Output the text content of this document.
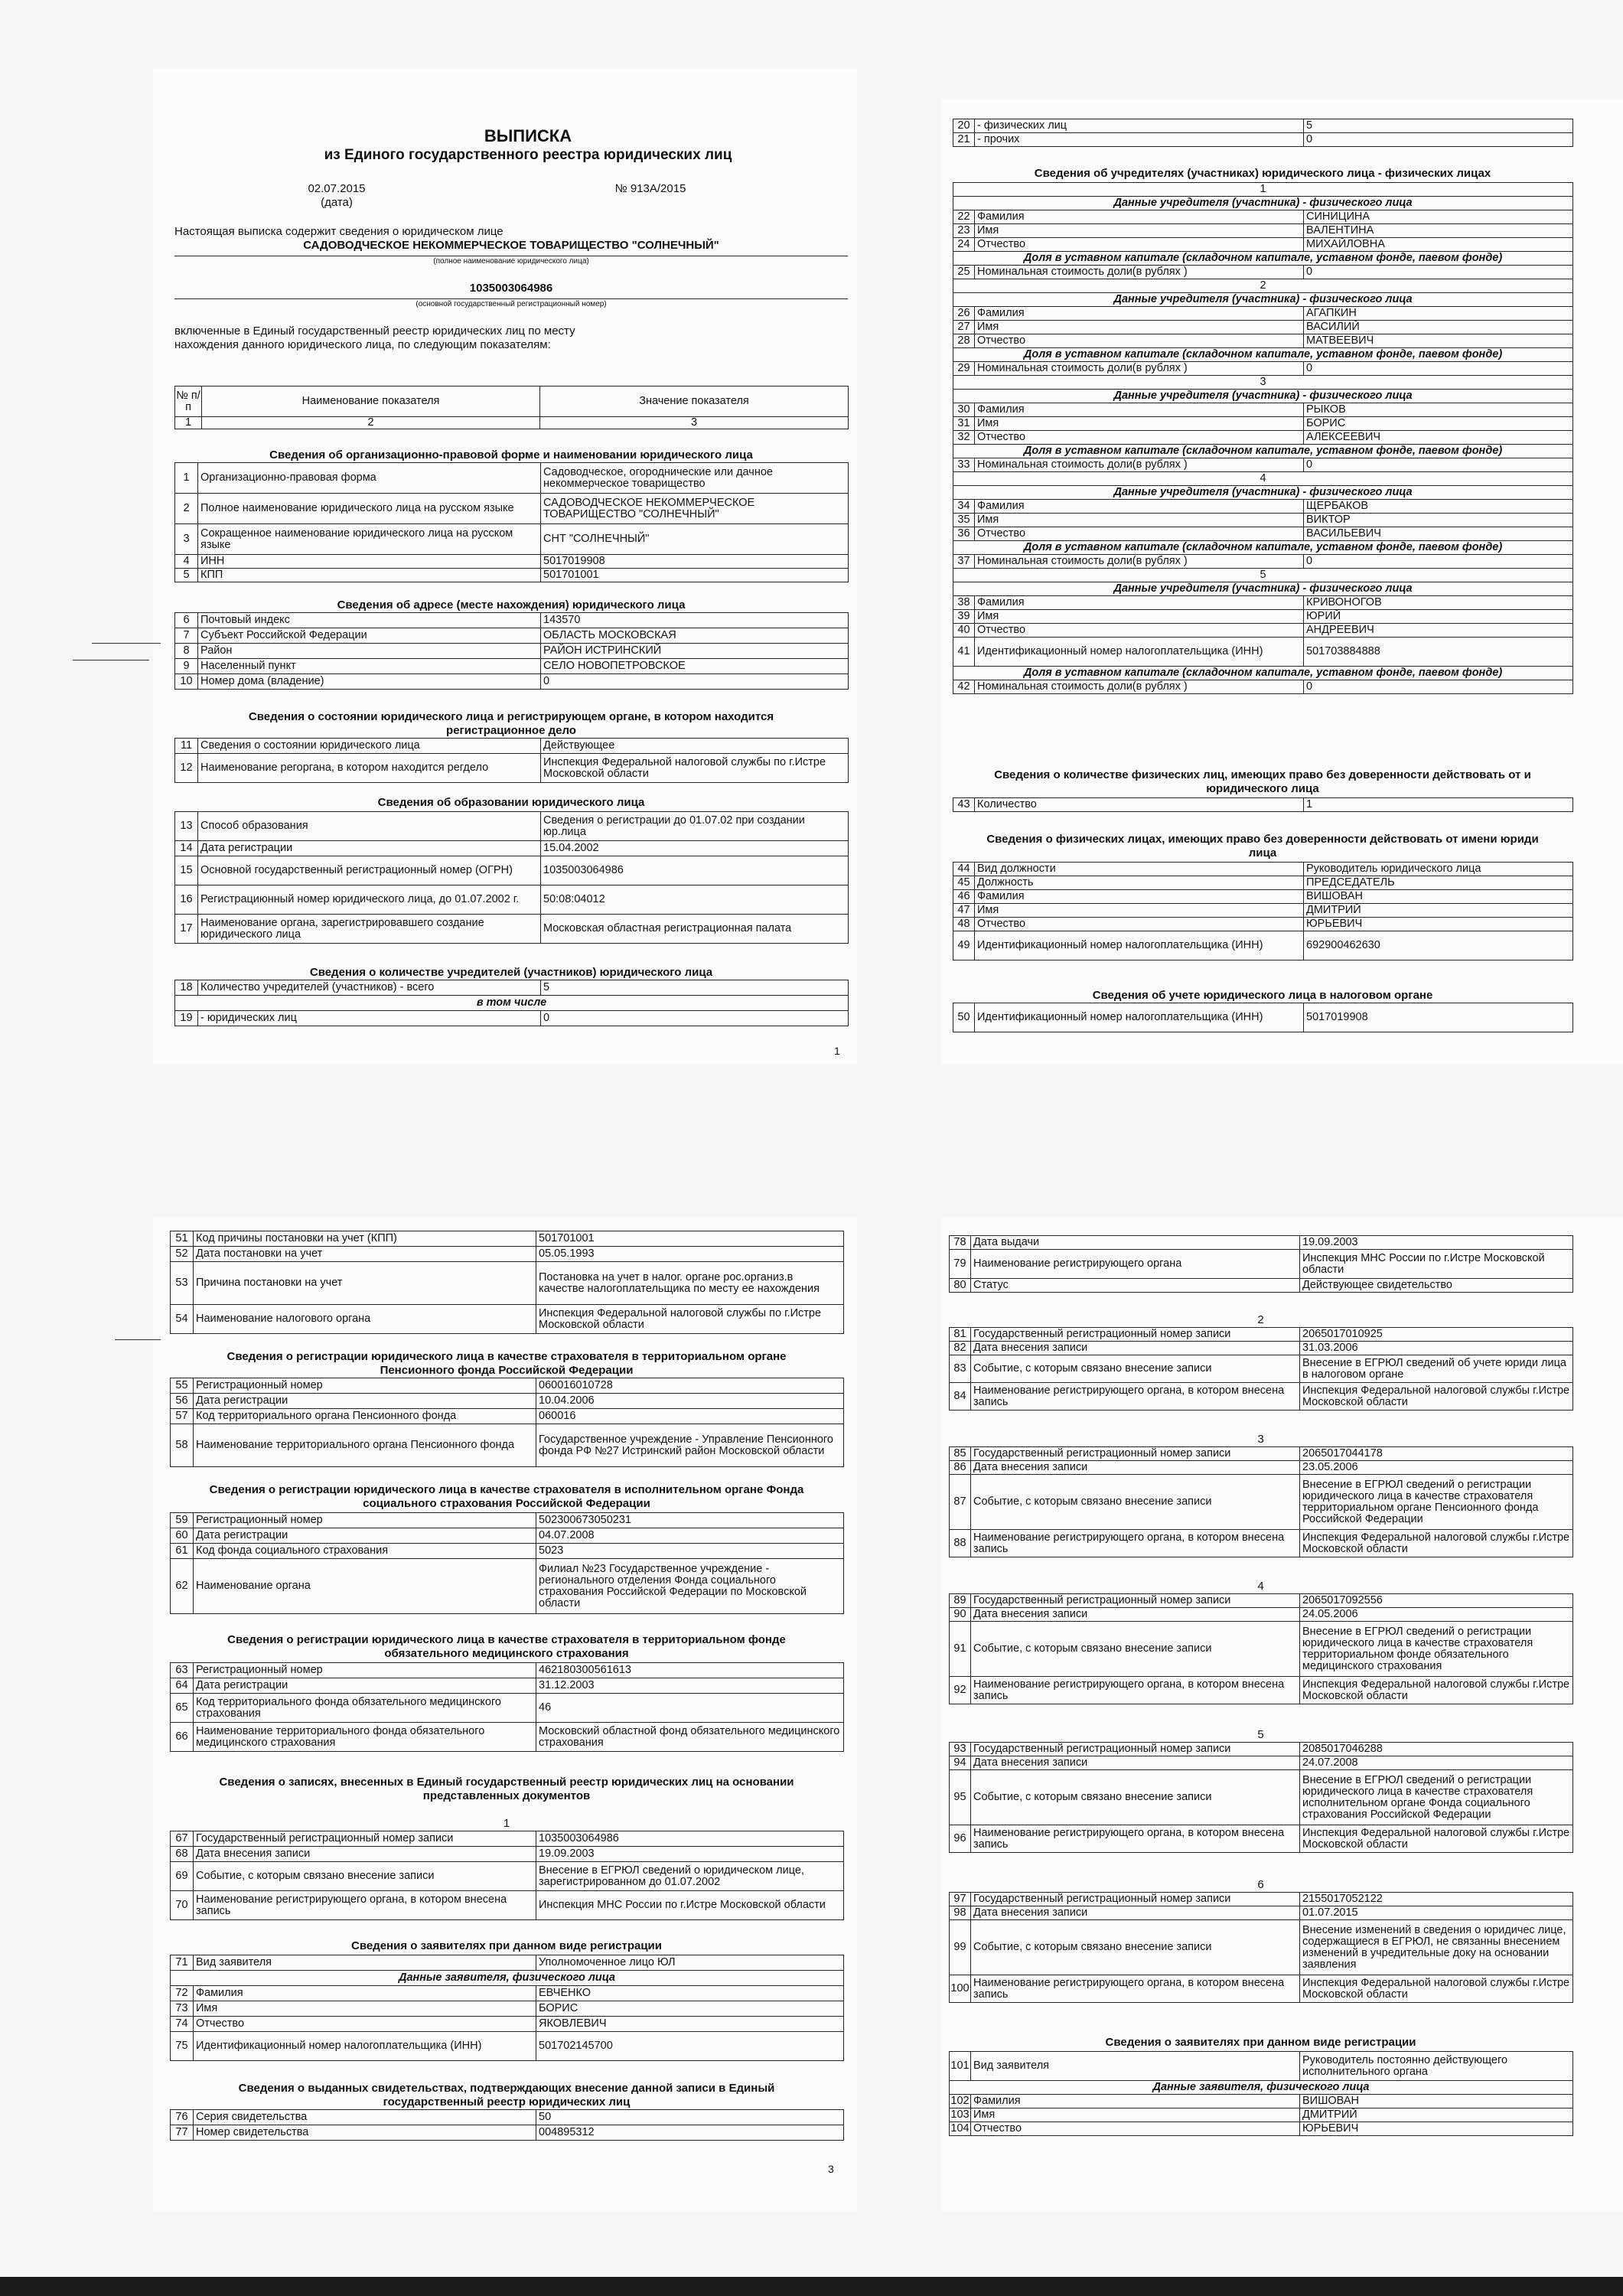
ВЫПИСКА
из Единого государственного реестра юридических лиц
02.07.2015
(дата)
№ 913А/2015
Настоящая выписка содержит сведения о юридическом лице
САДОВОДЧЕСКОЕ НЕКОММЕРЧЕСКОЕ ТОВАРИЩЕСТВО "СОЛНЕЧНЫЙ"
(полное наименование юридического лица)
1035003064986
(основной государственный регистрационный номер)
включенные в Единый государственный реестр юридических лиц по месту
нахождения данного юридического лица, по следующим показателям:
№ п/п	Наименование показателя	Значение показателя
1	2	3
Сведения об организационно-правовой форме и наименовании юридического лица
1	Организационно-правовая форма	Садоводческое, огороднические или дачное некоммерческое товарищество
2	Полное наименование юридического лица на русском языке	САДОВОДЧЕСКОЕ НЕКОММЕРЧЕСКОЕ ТОВАРИЩЕСТВО "СОЛНЕЧНЫЙ"
3	Сокращенное наименование юридического лица на русском языке	СНТ "СОЛНЕЧНЫЙ"
4	ИНН	5017019908
5	КПП	501701001
Сведения об адресе (месте нахождения) юридического лица
6	Почтовый индекс	143570
7	Субъект Российской Федерации	ОБЛАСТЬ МОСКОВСКАЯ
8	Район	РАЙОН ИСТРИНСКИЙ
9	Населенный пункт	СЕЛО НОВОПЕТРОВСКОЕ
10	Номер дома (владение)	0
Сведения о состоянии юридического лица и регистрирующем органе, в котором находится
регистрационное дело
11	Сведения о состоянии юридического лица	Действующее
12	Наименование регоргана, в котором находится регдело	Инспекция Федеральной налоговой службы по г.Истре Московской области
Сведения об образовании юридического лица
13	Способ образования	Сведения о регистрации до 01.07.02 при создании юр.лица
14	Дата регистрации	15.04.2002
15	Основной государственный регистрационный номер (ОГРН)	1035003064986
16	Регистрациюнный номер юридического лица, до 01.07.2002 г.	50:08:04012
17	Наименование органа, зарегистрировавшего создание юридического лица	Московская областная регистрационная палата
Сведения о количестве учредителей (участников) юридического лица
18	Количество учредителей (участников) - всего	5
в том числе		
19	- юридических лиц	0
1
20	- физических лиц	5
21	- прочих	0
Сведения об учредителях (участниках) юридического лица - физических лицах
1		
Данные учредителя (участника) - физического лица		
22	Фамилия	СИНИЦИНА
23	Имя	ВАЛЕНТИНА
24	Отчество	МИХАЙЛОВНА
Доля в уставном капитале (складочном капитале, уставном фонде, паевом фонде)		
25	Номинальная стоимость доли(в рублях )	0
2		
Данные учредителя (участника) - физического лица		
26	Фамилия	АГАПКИН
27	Имя	ВАСИЛИЙ
28	Отчество	МАТВЕЕВИЧ
Доля в уставном капитале (складочном капитале, уставном фонде, паевом фонде)		
29	Номинальная стоимость доли(в рублях )	0
3		
Данные учредителя (участника) - физического лица		
30	Фамилия	РЫКОВ
31	Имя	БОРИС
32	Отчество	АЛЕКСЕЕВИЧ
Доля в уставном капитале (складочном капитале, уставном фонде, паевом фонде)		
33	Номинальная стоимость доли(в рублях )	0
4		
Данные учредителя (участника) - физического лица		
34	Фамилия	ЩЕРБАКОВ
35	Имя	ВИКТОР
36	Отчество	ВАСИЛЬЕВИЧ
Доля в уставном капитале (складочном капитале, уставном фонде, паевом фонде)		
37	Номинальная стоимость доли(в рублях )	0
5		
Данные учредителя (участника) - физического лица		
38	Фамилия	КРИВОНОГОВ
39	Имя	ЮРИЙ
40	Отчество	АНДРЕЕВИЧ
41	Идентификационный номер налогоплательщика (ИНН)	501703884888
Доля в уставном капитале (складочном капитале, уставном фонде, паевом фонде)		
42	Номинальная стоимость доли(в рублях )	0
Сведения о количестве физических лиц, имеющих право без доверенности действовать от и
юридического лица
43	Количество	1
Сведения о физических лицах, имеющих право без доверенности действовать от имени юриди
лица
44	Вид должности	Руководитель юридического лица
45	Должность	ПРЕДСЕДАТЕЛЬ
46	Фамилия	ВИШОВАН
47	Имя	ДМИТРИЙ
48	Отчество	ЮРЬЕВИЧ
49	Идентификационный номер налогоплательщика (ИНН)	692900462630
Сведения об учете юридического лица в налоговом органе
50	Идентификационный номер налогоплательщика (ИНН)	5017019908
51	Код причины постановки на учет (КПП)	501701001
52	Дата постановки на учет	05.05.1993
53	Причина постановки на учет	Постановка на учет в налог. органе рос.организ.в качестве налогоплательщика по месту ее нахождения
54	Наименование налогового органа	Инспекция Федеральной налоговой службы по г.Истре Московской области
Сведения о регистрации юридического лица в качестве страхователя в территориальном органе
Пенсионного фонда Российской Федерации
55	Регистрационный номер	060016010728
56	Дата регистрации	10.04.2006
57	Код территориального органа Пенсионного фонда	060016
58	Наименование территориального органа Пенсионного фонда	Государственное учреждение - Управление Пенсионного фонда РФ №27 Истринский район Московской области
Сведения о регистрации юридического лица в качестве страхователя в исполнительном органе Фонда
социального страхования Российской Федерации
59	Регистрационный номер	502300673050231
60	Дата регистрации	04.07.2008
61	Код фонда социального страхования	5023
62	Наименование органа	Филиал №23 Государственное учреждение - регионального отделения Фонда социального страхования Российской Федерации по Московской области
Сведения о регистрации юридического лица в качестве страхователя в территориальном фонде
обязательного медицинского страхования
63	Регистрационный номер	462180300561613
64	Дата регистрации	31.12.2003
65	Код территориального фонда обязательного медицинского страхования	46
66	Наименование территориального фонда обязательного медицинского страхования	Московский областной фонд обязательного медицинского страхования
Сведения о записях, внесенных в Единый государственный реестр юридических лиц на основании
представленных документов
1
67	Государственный регистрационный номер записи	1035003064986
68	Дата внесения записи	19.09.2003
69	Событие, с которым связано внесение записи	Внесение в ЕГРЮЛ сведений о юридическом лице, зарегистрированном до 01.07.2002
70	Наименование регистрирующего органа, в котором внесена запись	Инспекция МНС России по г.Истре Московской области
Сведения о заявителях при данном виде регистрации
71	Вид заявителя	Уполномоченное лицо ЮЛ
Данные заявителя, физического лица		
72	Фамилия	ЕВЧЕНКО
73	Имя	БОРИС
74	Отчество	ЯКОВЛЕВИЧ
75	Идентификационный номер налогоплательщика (ИНН)	501702145700
Сведения о выданных свидетельствах, подтверждающих внесение данной записи в Единый
государственный реестр юридических лиц
76	Серия свидетельства	50
77	Номер свидетельства	004895312
3
78	Дата выдачи	19.09.2003
79	Наименование регистрирующего органа	Инспекция МНС России по г.Истре Московской области
80	Статус	Действующее свидетельство
2
81	Государственный регистрационный номер записи	2065017010925
82	Дата внесения записи	31.03.2006
83	Событие, с которым связано внесение записи	Внесение в ЕГРЮЛ сведений об учете юриди лица в налоговом органе
84	Наименование регистрирующего органа, в котором внесена запись	Инспекция Федеральной налоговой службы г.Истре Московской области
3
85	Государственный регистрационный номер записи	2065017044178
86	Дата внесения записи	23.05.2006
87	Событие, с которым связано внесение записи	Внесение в ЕГРЮЛ сведений о регистрации юридического лица в качестве страхователя территориальном органе Пенсионного фонда Российской Федерации
88	Наименование регистрирующего органа, в котором внесена запись	Инспекция Федеральной налоговой службы г.Истре Московской области
4
89	Государственный регистрационный номер записи	2065017092556
90	Дата внесения записи	24.05.2006
91	Событие, с которым связано внесение записи	Внесение в ЕГРЮЛ сведений о регистрации юридического лица в качестве страхователя территориальном фонде обязательного медицинского страхования
92	Наименование регистрирующего органа, в котором внесена запись	Инспекция Федеральной налоговой службы г.Истре Московской области
5
93	Государственный регистрационный номер записи	2085017046288
94	Дата внесения записи	24.07.2008
95	Событие, с которым связано внесение записи	Внесение в ЕГРЮЛ сведений о регистрации юридического лица в качестве страхователя исполнительном органе Фонда социального страхования Российской Федерации
96	Наименование регистрирующего органа, в котором внесена запись	Инспекция Федеральной налоговой службы г.Истре Московской области
6
97	Государственный регистрационный номер записи	2155017052122
98	Дата внесения записи	01.07.2015
99	Событие, с которым связано внесение записи	Внесение изменений в сведения о юридичес лице, содержащиеся в ЕГРЮЛ, не связанны внесением изменений в учредительные доку на основании заявления
100	Наименование регистрирующего органа, в котором внесена запись	Инспекция Федеральной налоговой службы г.Истре Московской области
Сведения о заявителях при данном виде регистрации
101	Вид заявителя	Руководитель постоянно действующего исполнительного органа
Данные заявителя, физического лица		
102	Фамилия	ВИШОВАН
103	Имя	ДМИТРИЙ
104	Отчество	ЮРЬЕВИЧ
